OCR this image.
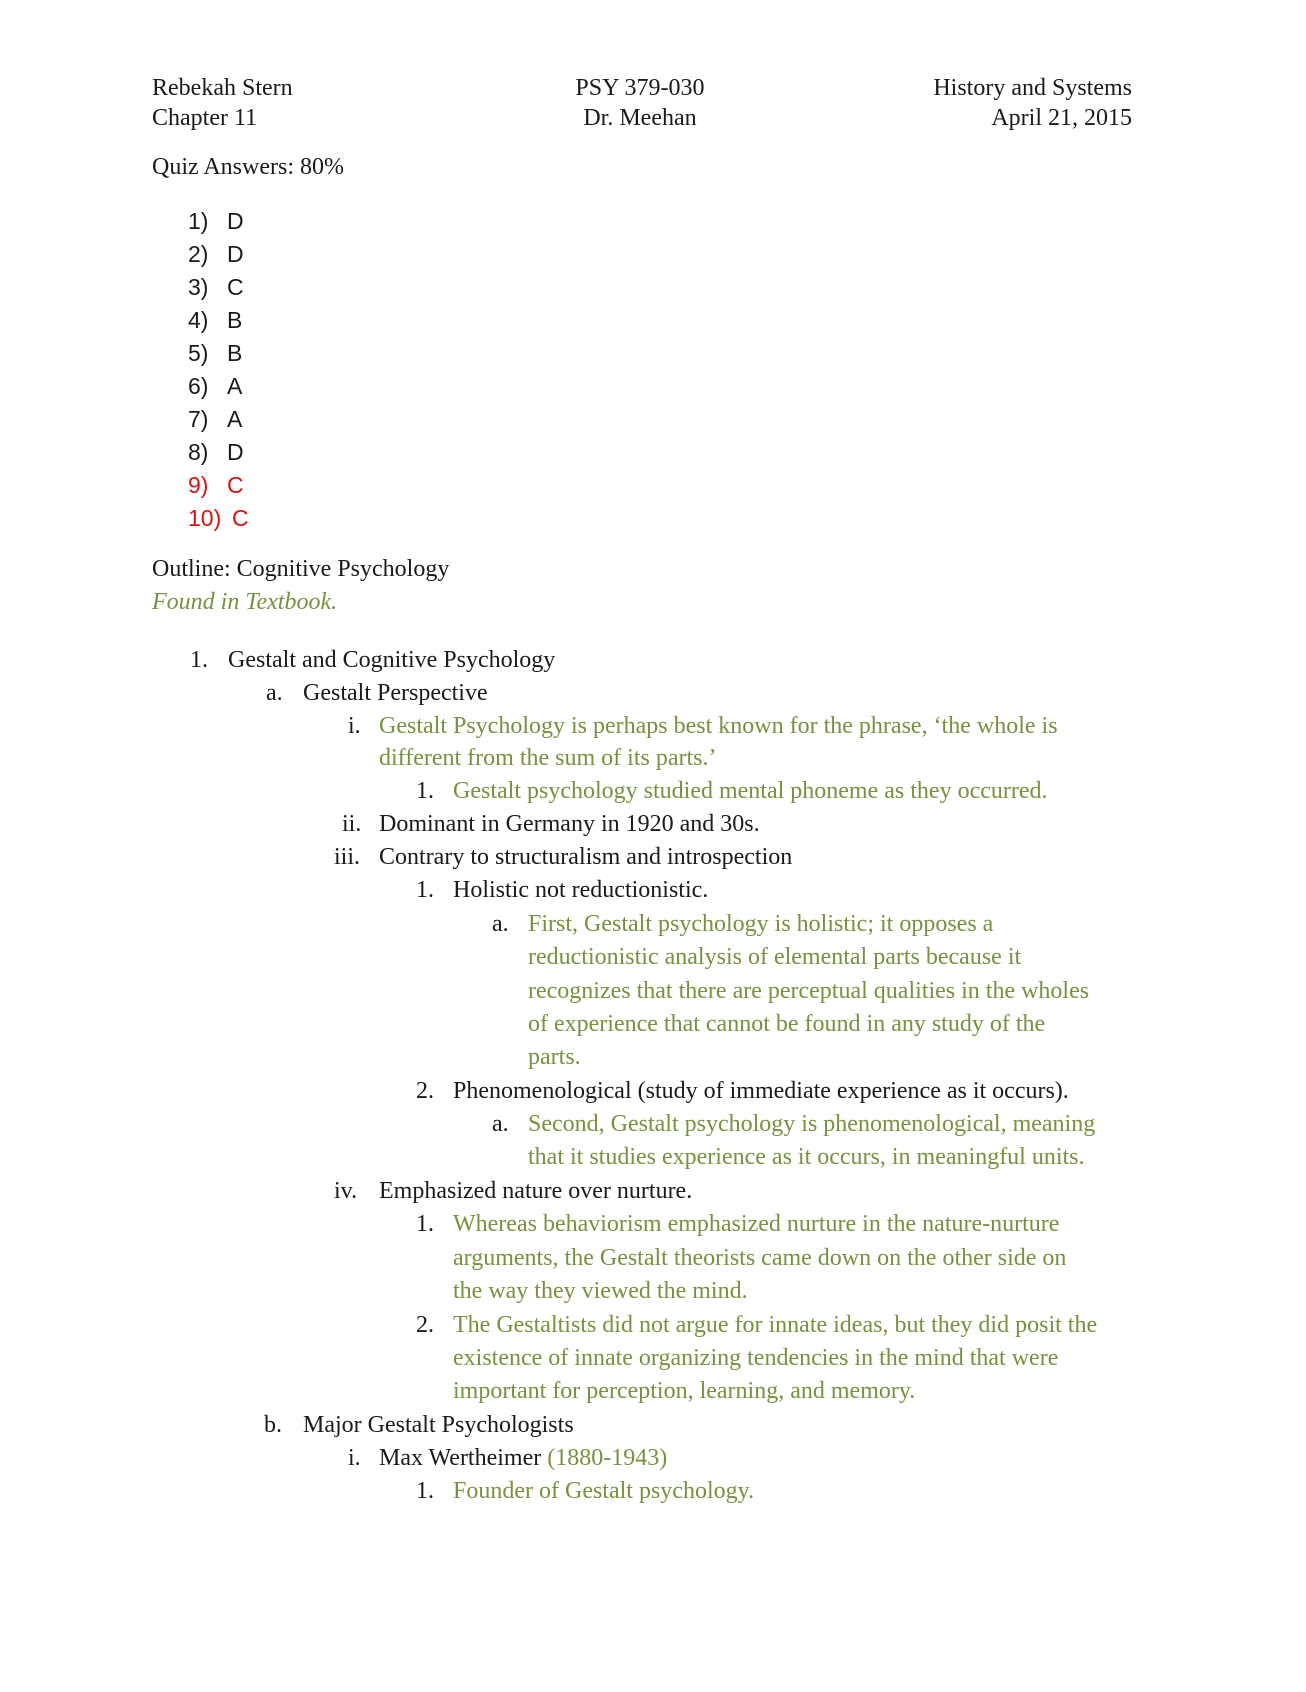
Rebekah Stern
Chapter 11
PSY 379-030
Dr. Meehan
History and Systems
April 21, 2015
Quiz Answers: 80%
1) D
2) D
3) C
4) B
5) B
6) A
7) A
8) D
9) C
10) C
Outline: Cognitive Psychology
Found in Textbook.
1. Gestalt and Cognitive Psychology
a. Gestalt Perspective
i. Gestalt Psychology is perhaps best known for the phrase, ‘the whole is
different from the sum of its parts.’
1. Gestalt psychology studied mental phoneme as they occurred.
ii. Dominant in Germany in 1920 and 30s.
iii. Contrary to structuralism and introspection
1. Holistic not reductionistic.
a. First, Gestalt psychology is holistic; it opposes a
reductionistic analysis of elemental parts because it
recognizes that there are perceptual qualities in the wholes
of experience that cannot be found in any study of the
parts.
2. Phenomenological (study of immediate experience as it occurs).
a. Second, Gestalt psychology is phenomenological, meaning
that it studies experience as it occurs, in meaningful units.
iv. Emphasized nature over nurture.
1. Whereas behaviorism emphasized nurture in the nature-nurture
arguments, the Gestalt theorists came down on the other side on
the way they viewed the mind.
2. The Gestaltists did not argue for innate ideas, but they did posit the
existence of innate organizing tendencies in the mind that were
important for perception, learning, and memory.
b. Major Gestalt Psychologists
i. Max Wertheimer (1880-1943)
1. Founder of Gestalt psychology.
